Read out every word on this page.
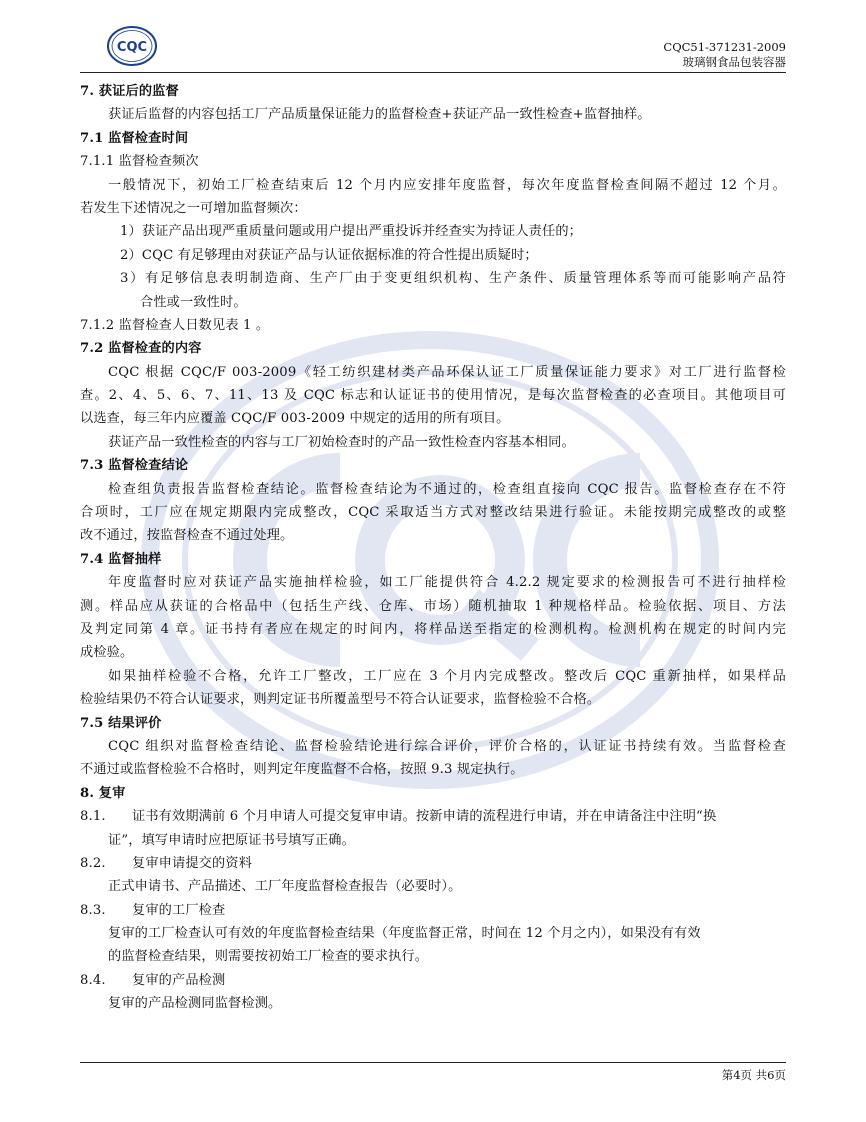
CQC	CQC51-371231-2009
玻璃钢食品包装容器
7. 获证后的监督
获证后监督的内容包括工厂产品质量保证能力的监督检查+获证产品一致性检查+监督抽样。
7.1 监督检查时间
7.1.1 监督检查频次
一般情况下，初始工厂检查结束后 12 个月内应安排年度监督，每次年度监督检查间隔不超过 12 个月。
若发生下述情况之一可增加监督频次：
1）获证产品出现严重质量问题或用户提出严重投诉并经查实为持证人责任的；
2）CQC 有足够理由对获证产品与认证依据标准的符合性提出质疑时；
3）有足够信息表明制造商、生产厂由于变更组织机构、生产条件、质量管理体系等而可能影响产品符
合性或一致性时。
7.1.2 监督检查人日数见表 1 。
7.2 监督检查的内容
CQC 根据 CQC/F 003-2009《轻工纺织建材类产品环保认证工厂质量保证能力要求》对工厂进行监督检
查。2、4、5、6、7、11、13 及 CQC 标志和认证证书的使用情况，是每次监督检查的必查项目。其他项目可
以选查，每三年内应覆盖 CQC/F 003-2009 中规定的适用的所有项目。
获证产品一致性检查的内容与工厂初始检查时的产品一致性检查内容基本相同。
7.3 监督检查结论
检查组负责报告监督检查结论。监督检查结论为不通过的，检查组直接向 CQC 报告。监督检查存在不符
合项时，工厂应在规定期限内完成整改，CQC 采取适当方式对整改结果进行验证。未能按期完成整改的或整
改不通过，按监督检查不通过处理。
7.4 监督抽样
年度监督时应对获证产品实施抽样检验，如工厂能提供符合 4.2.2 规定要求的检测报告可不进行抽样检
测。样品应从获证的合格品中（包括生产线、仓库、市场）随机抽取 1 种规格样品。检验依据、项目、方法
及判定同第 4 章。证书持有者应在规定的时间内，将样品送至指定的检测机构。检测机构在规定的时间内完
成检验。
如果抽样检验不合格，允许工厂整改，工厂应在 3 个月内完成整改。整改后 CQC 重新抽样，如果样品
检验结果仍不符合认证要求，则判定证书所覆盖型号不符合认证要求，监督检验不合格。
7.5 结果评价
CQC 组织对监督检查结论、监督检验结论进行综合评价，评价合格的，认证证书持续有效。当监督检查
不通过或监督检验不合格时，则判定年度监督不合格，按照 9.3 规定执行。
8. 复审
8.1. 证书有效期满前 6 个月申请人可提交复审申请。按新申请的流程进行申请，并在申请备注中注明“换
证”，填写申请时应把原证书号填写正确。
8.2. 复审申请提交的资料
正式申请书、产品描述、工厂年度监督检查报告（必要时）。
8.3. 复审的工厂检查
复审的工厂检查认可有效的年度监督检查结果（年度监督正常，时间在 12 个月之内），如果没有有效
的监督检查结果，则需要按初始工厂检查的要求执行。
8.4. 复审的产品检测
复审的产品检测同监督检测。
第4页 共6页
